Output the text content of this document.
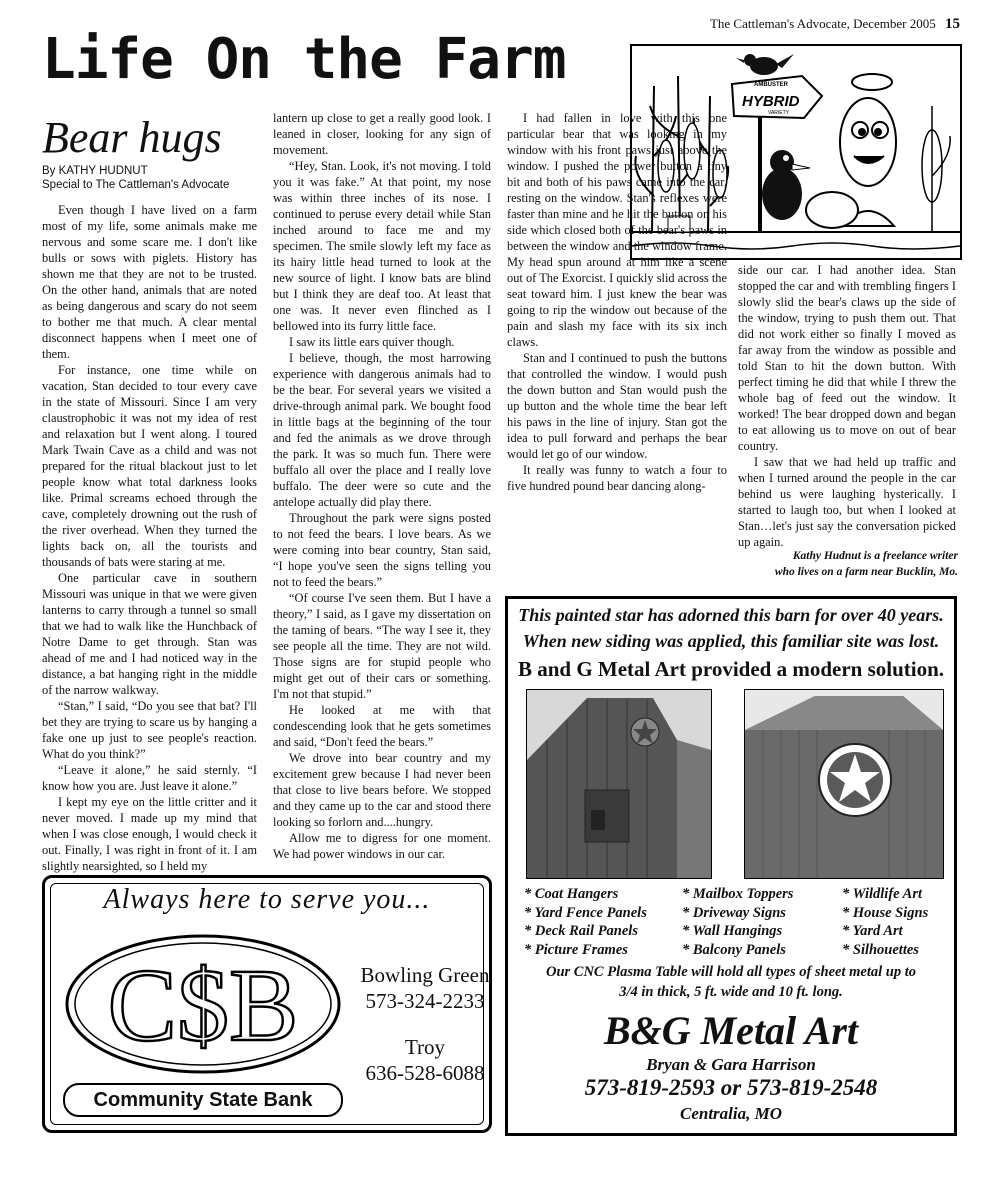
The Cattleman's Advocate, December 2005 15
Life On the Farm	AMBUSTER
HYBRID
VARIETY
Bear hugs
By KATHY HUDNUT
Special to The Cattleman's Advocate

Even though I have lived on a farm most of my life, some animals make me nervous and some scare me. I don't like bulls or sows with piglets. History has shown me that they are not to be trusted. On the other hand, animals that are noted as being dangerous and scary do not seem to bother me that much. A clear mental disconnect happens when I meet one of them.

For instance, one time while on vacation, Stan decided to tour every cave in the state of Missouri. Since I am very claustrophobic it was not my idea of rest and relaxation but I went along. I toured Mark Twain Cave as a child and was not prepared for the ritual blackout just to let people know what total darkness looks like. Primal screams echoed through the cave, completely drowning out the rush of the river overhead. When they turned the lights back on, all the tourists and thousands of bats were staring at me.

One particular cave in southern Missouri was unique in that we were given lanterns to carry through a tunnel so small that we had to walk like the Hunchback of Notre Dame to get through. Stan was ahead of me and I had noticed way in the distance, a bat hanging right in the middle of the narrow walkway.

“Stan,” I said, “Do you see that bat? I'll bet they are trying to scare us by hanging a fake one up just to see people's reaction. What do you think?”

“Leave it alone,” he said sternly. “I know how you are. Just leave it alone.”

I kept my eye on the little critter and it never moved. I made up my mind that when I was close enough, I would check it out. Finally, I was right in front of it. I am slightly nearsighted, so I held my

lantern up close to get a really good look. I leaned in closer, looking for any sign of movement.

“Hey, Stan. Look, it's not moving. I told you it was fake.” At that point, my nose was within three inches of its nose. I continued to peruse every detail while Stan inched around to face me and my specimen. The smile slowly left my face as its hairy little head turned to look at the new source of light. I know bats are blind but I think they are deaf too. At least that one was. It never even flinched as I bellowed into its furry little face.

I saw its little ears quiver though.

I believe, though, the most harrowing experience with dangerous animals had to be the bear. For several years we visited a drive-through animal park. We bought food in little bags at the beginning of the tour and fed the animals as we drove through the park. It was so much fun. There were buffalo all over the place and I really love buffalo. The deer were so cute and the antelope actually did play there.

Throughout the park were signs posted to not feed the bears. I love bears. As we were coming into bear country, Stan said, “I hope you've seen the signs telling you not to feed the bears.”

“Of course I've seen them. But I have a theory,” I said, as I gave my dissertation on the taming of bears. “The way I see it, they see people all the time. They are not wild. Those signs are for stupid people who might get out of their cars or something. I'm not that stupid.”

He looked at me with that condescending look that he gets sometimes and said, “Don't feed the bears.”

We drove into bear country and my excitement grew because I had never been that close to live bears before. We stopped and they came up to the car and stood there looking so forlorn and....hungry.

Allow me to digress for one moment. We had power windows in our car.

I had fallen in love with this one particular bear that was looking in my window with his front paws just above the window. I pushed the power button a tiny bit and both of his paws came into the car, resting on the window. Stan's reflexes were faster than mine and he hit the button on his side which closed both of the bear's paws in between the window and the window frame. My head spun around at him like a scene out of The Exorcist. I quickly slid across the seat toward him. I just knew the bear was going to rip the window out because of the pain and slash my face with its six inch claws.

Stan and I continued to push the buttons that controlled the window. I would push the down button and Stan would push the up button and the whole time the bear left his paws in the line of injury. Stan got the idea to pull forward and perhaps the bear would let go of our window.

It really was funny to watch a four to five hundred pound bear dancing along-

side our car. I had another idea. Stan stopped the car and with trembling fingers I slowly slid the bear's claws up the side of the window, trying to push them out. That did not work either so finally I moved as far away from the window as possible and told Stan to hit the down button. With perfect timing he did that while I threw the whole bag of feed out the window. It worked! The bear dropped down and began to eat allowing us to move on out of bear country.

I saw that we had held up traffic and when I turned around the people in the car behind us were laughing hysterically. I started to laugh too, but when I looked at Stan…let's just say the conversation picked up again.

Kathy Hudnut is a freelance writer
who lives on a farm near Bucklin, Mo.
Always here to serve you...
C$B
Community State Bank
Bowling Green
573-324-2233
Troy
636-528-6088
This painted star has adorned this barn for over 40 years.
When new siding was applied, this familiar site was lost.
B and G Metal Art provided a modern solution.
* Coat Hangers
* Yard Fence Panels
* Deck Rail Panels
* Picture Frames
* Mailbox Toppers
* Driveway Signs
* Wall Hangings
* Balcony Panels
* Wildlife Art
* House Signs
* Yard Art
* Silhouettes
Our CNC Plasma Table will hold all types of sheet metal up to
3/4 in thick, 5 ft. wide and 10 ft. long.
B&G Metal Art
Bryan & Gara Harrison
573-819-2593 or 573-819-2548
Centralia, MO
